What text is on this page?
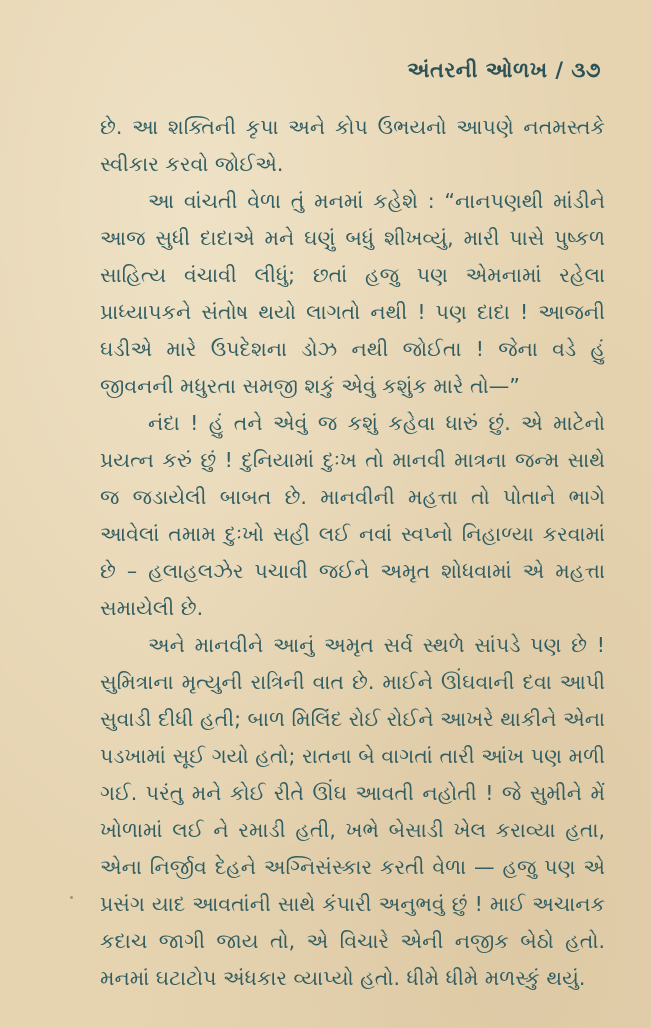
અંતરની ઓળખ / ૩૭

છે. આ શક્તિની કૃપા અને કોપ ઉભયનો આપણે નતમસ્તકે સ્વીકાર કરવો જોઈએ.

આ વાંચતી વેળા તું મનમાં કહેશે : “નાનપણથી માંડીને આજ સુધી દાદાએ મને ઘણું બધું શીખવ્યું, મારી પાસે પુષ્કળ સાહિત્ય વંચાવી લીધું; છતાં હજુ પણ એમનામાં રહેલા પ્રાધ્યાપકને સંતોષ થયો લાગતો નથી ! પણ દાદા ! આજની ઘડીએ મારે ઉપદેશના ડોઝ નથી જોઈતા ! જેના વડે હું જીવનની મધુરતા સમજી શકું એવું કશુંક મારે તો—”

નંદા ! હું તને એવું જ કશું કહેવા ધારું છું. એ માટેનો પ્રયત્ન કરું છું ! દુનિયામાં દુઃખ તો માનવી માત્રના જન્મ સાથે જ જડાયેલી બાબત છે. માનવીની મહત્તા તો પોતાને ભાગે આવેલાં તમામ દુઃખો સહી લઈ નવાં સ્વપ્નો નિહાળ્યા કરવામાં છે – હલાહલઝેર પચાવી જઈને અમૃત શોધવામાં એ મહત્તા સમાયેલી છે.

અને માનવીને આનું અમૃત સર્વ સ્થળે સાંપડે પણ છે ! સુમિત્રાના મૃત્યુની રાત્રિની વાત છે. માઈને ઊંઘવાની દવા આપી સુવાડી દીધી હતી; બાળ મિલિંદ રોઈ રોઈને આખરે થાકીને એના પડખામાં સૂઈ ગયો હતો; રાતના બે વાગતાં તારી આંખ પણ મળી ગઈ. પરંતુ મને કોઈ રીતે ઊંઘ આવતી નહોતી ! જે સુમીને મેં ખોળામાં લઈ ને રમાડી હતી, ખભે બેસાડી ખેલ કરાવ્યા હતા, એના નિર્જીવ દેહને અગ્નિસંસ્કાર કરતી વેળા — હજુ પણ એ પ્રસંગ યાદ આવતાંની સાથે કંપારી અનુભવું છું ! માઈ અચાનક કદાચ જાગી જાય તો, એ વિચારે એની નજીક બેઠો હતો. મનમાં ઘટાટોપ અંધકાર વ્યાપ્યો હતો. ધીમે ધીમે મળસ્કું થયું.
